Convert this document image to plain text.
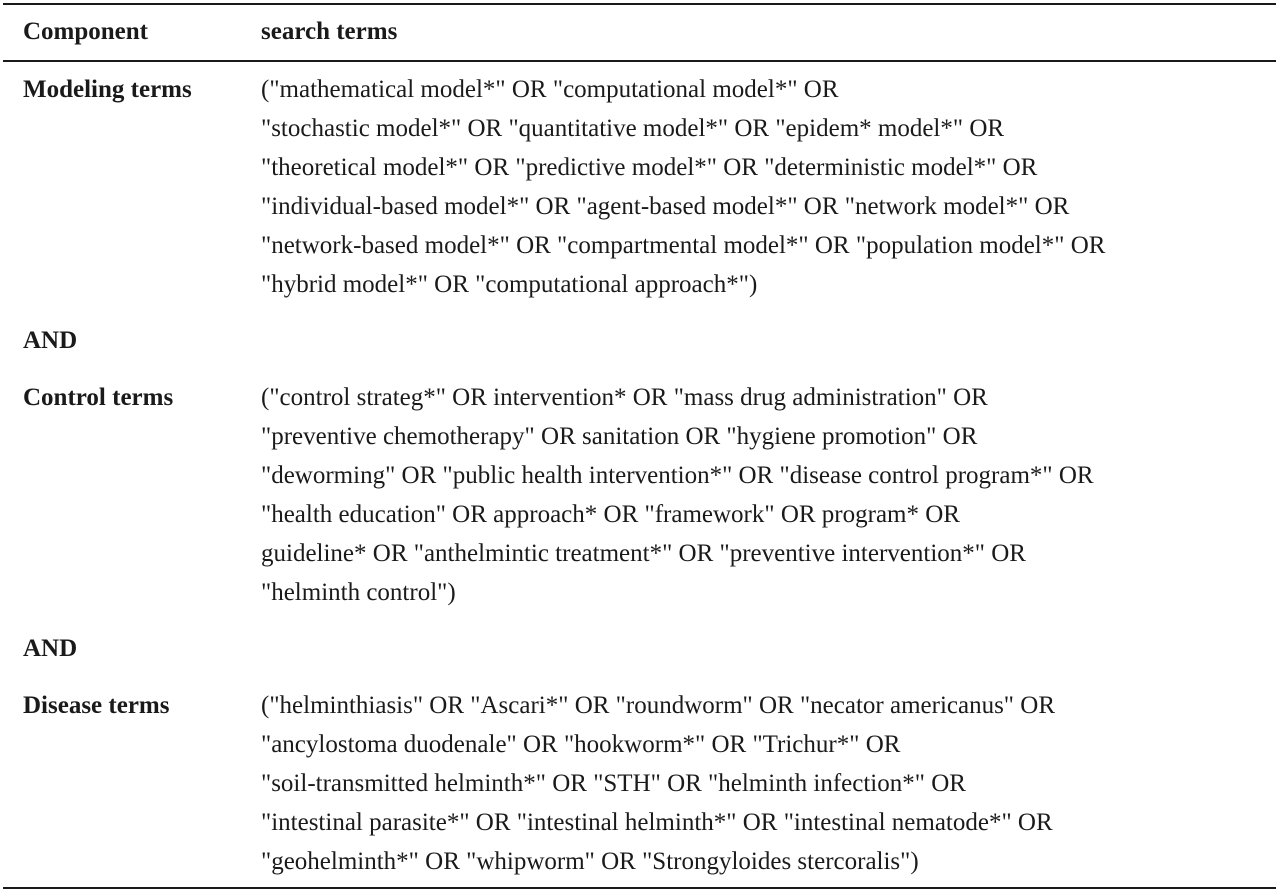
Component	search terms
Modeling terms	("mathematical model*" OR "computational model*" OR
"stochastic model*" OR "quantitative model*" OR "epidem* model*" OR
"theoretical model*" OR "predictive model*" OR "deterministic model*" OR
"individual-based model*" OR "agent-based model*" OR "network model*" OR
"network-based model*" OR "compartmental model*" OR "population model*" OR
"hybrid model*" OR "computational approach*")
AND
Control terms	("control strateg*" OR intervention* OR "mass drug administration" OR
"preventive chemotherapy" OR sanitation OR "hygiene promotion" OR
"deworming" OR "public health intervention*" OR "disease control program*" OR
"health education" OR approach* OR "framework" OR program* OR
guideline* OR "anthelmintic treatment*" OR "preventive intervention*" OR
"helminth control")
AND
Disease terms	("helminthiasis" OR "Ascari*" OR "roundworm" OR "necator americanus" OR
"ancylostoma duodenale" OR "hookworm*" OR "Trichur*" OR
"soil-transmitted helminth*" OR "STH" OR "helminth infection*" OR
"intestinal parasite*" OR "intestinal helminth*" OR "intestinal nematode*" OR
"geohelminth*" OR "whipworm" OR "Strongyloides stercoralis")
